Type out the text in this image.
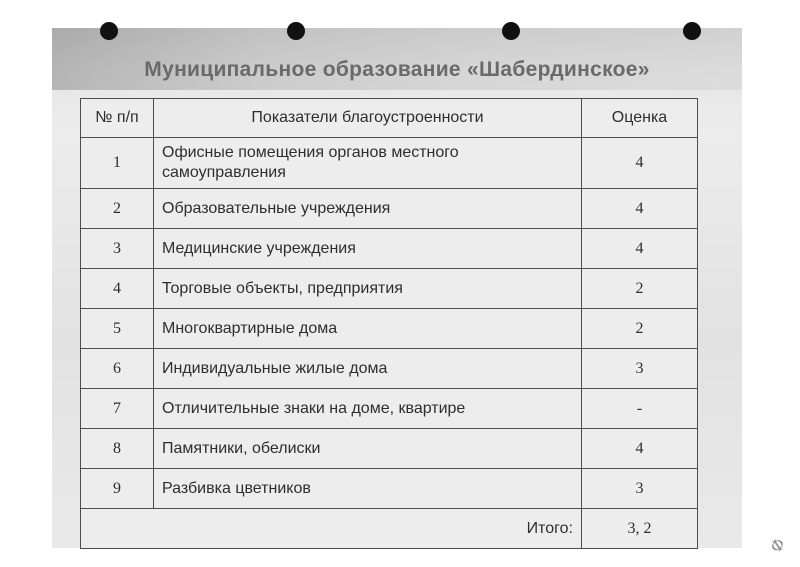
Муниципальное образование «Шабердинское»
№ п/п	Показатели благоустроенности	Оценка
1	Офисные помещения органов местного самоуправления	4
2	Образовательные учреждения	4
3	Медицинские учреждения	4
4	Торговые объекты, предприятия	2
5	Многоквартирные дома	2
6	Индивидуальные жилые дома	3
7	Отличительные знаки на доме, квартире	-
8	Памятники, обелиски	4
9	Разбивка цветников	3
Итого:		3, 2
Ф
